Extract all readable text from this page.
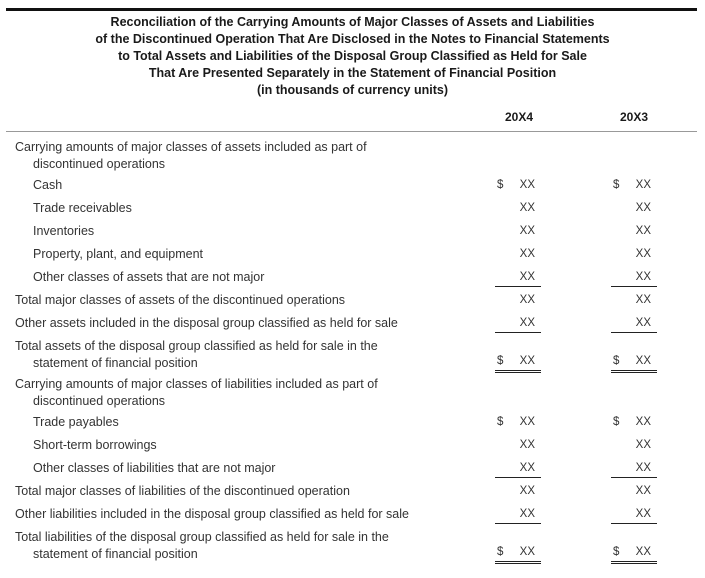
Reconciliation of the Carrying Amounts of Major Classes of Assets and Liabilities
of the Discontinued Operation That Are Disclosed in the Notes to Financial Statements
to Total Assets and Liabilities of the Disposal Group Classified as Held for Sale
That Are Presented Separately in the Statement of Financial Position
(in thousands of currency units)
20X4	20X3
Carrying amounts of major classes of assets included as part of
discontinued operations
Cash	$ XX	$ XX
Trade receivables	XX	XX
Inventories	XX	XX
Property, plant, and equipment	XX	XX
Other classes of assets that are not major	XX	XX
Total major classes of assets of the discontinued operations	XX	XX
Other assets included in the disposal group classified as held for sale	XX	XX
Total assets of the disposal group classified as held for sale in the
statement of financial position	$ XX	$ XX
Carrying amounts of major classes of liabilities included as part of
discontinued operations
Trade payables	$ XX	$ XX
Short-term borrowings	XX	XX
Other classes of liabilities that are not major	XX	XX
Total major classes of liabilities of the discontinued operation	XX	XX
Other liabilities included in the disposal group classified as held for sale	XX	XX
Total liabilities of the disposal group classified as held for sale in the
statement of financial position	$ XX	$ XX
